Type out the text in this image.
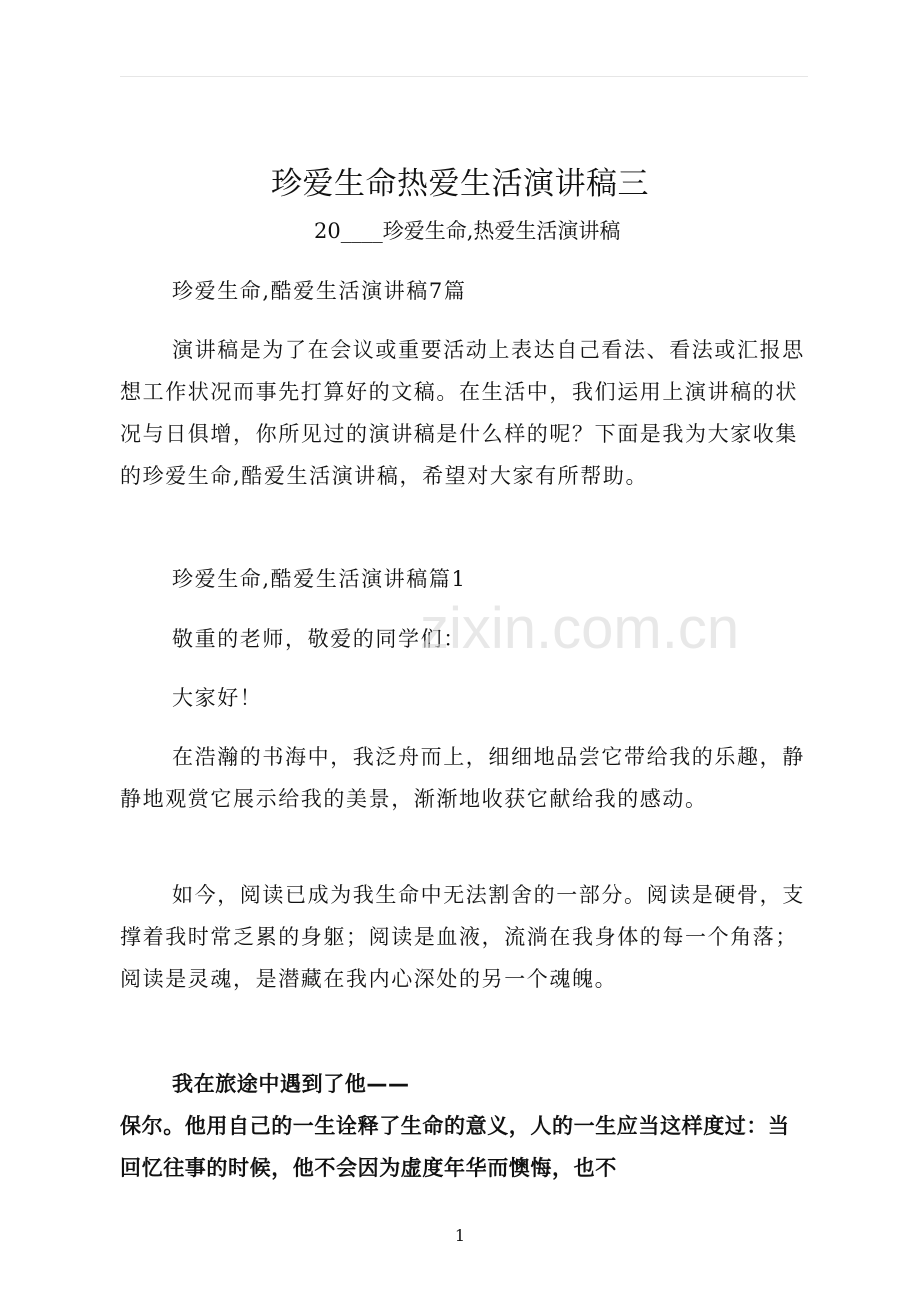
珍爱生命热爱生活演讲稿三
20____珍爱生命,热爱生活演讲稿
珍爱生命,酷爱生活演讲稿7篇
演讲稿是为了在会议或重要活动上表达自己看法、看法或汇报思想工作状况而事先打算好的文稿。在生活中，我们运用上演讲稿的状况与日俱增，你所见过的演讲稿是什么样的呢？下面是我为大家收集的珍爱生命,酷爱生活演讲稿，希望对大家有所帮助。
珍爱生命,酷爱生活演讲稿篇1
敬重的老师，敬爱的同学们：
大家好！
在浩瀚的书海中，我泛舟而上，细细地品尝它带给我的乐趣，静静地观赏它展示给我的美景，渐渐地收获它献给我的感动。
如今，阅读已成为我生命中无法割舍的一部分。阅读是硬骨，支撑着我时常乏累的身躯；阅读是血液，流淌在我身体的每一个角落；阅读是灵魂，是潜藏在我内心深处的另一个魂魄。
我在旅途中遇到了他——
保尔。他用自己的一生诠释了生命的意义，人的一生应当这样度过：当回忆往事的时候，他不会因为虚度年华而懊悔，也不
zixin.com.cn
1
